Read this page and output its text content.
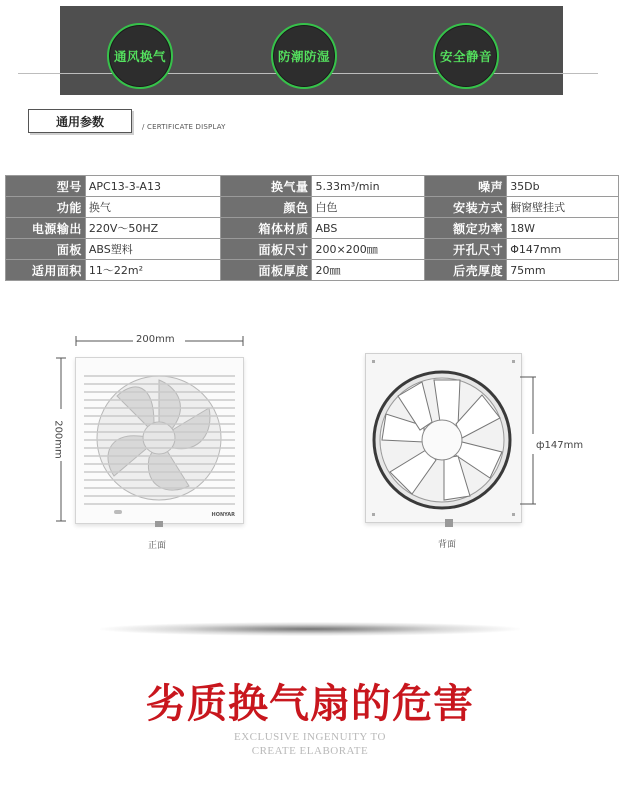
通风换气	防潮防湿	安全静音
通用参数	/ CERTIFICATE DISPLAY
型号	APC13-3-A13	换气量	5.33m³/min	噪声	35Db
功能	换气	颜色	白色	安装方式	橱窗壁挂式
电源输出	220V～50HZ	箱体材质	ABS	额定功率	18W
面板	ABS塑料	面板尺寸	200×200㎜	开孔尺寸	Φ147mm
适用面积	11～22m²	面板厚度	20㎜	后壳厚度	75mm
200mm
200mm
HONYAR
正面
ф147mm
背面
劣质换气扇的危害
EXCLUSIVE INGENUITY TO
CREATE ELABORATE
